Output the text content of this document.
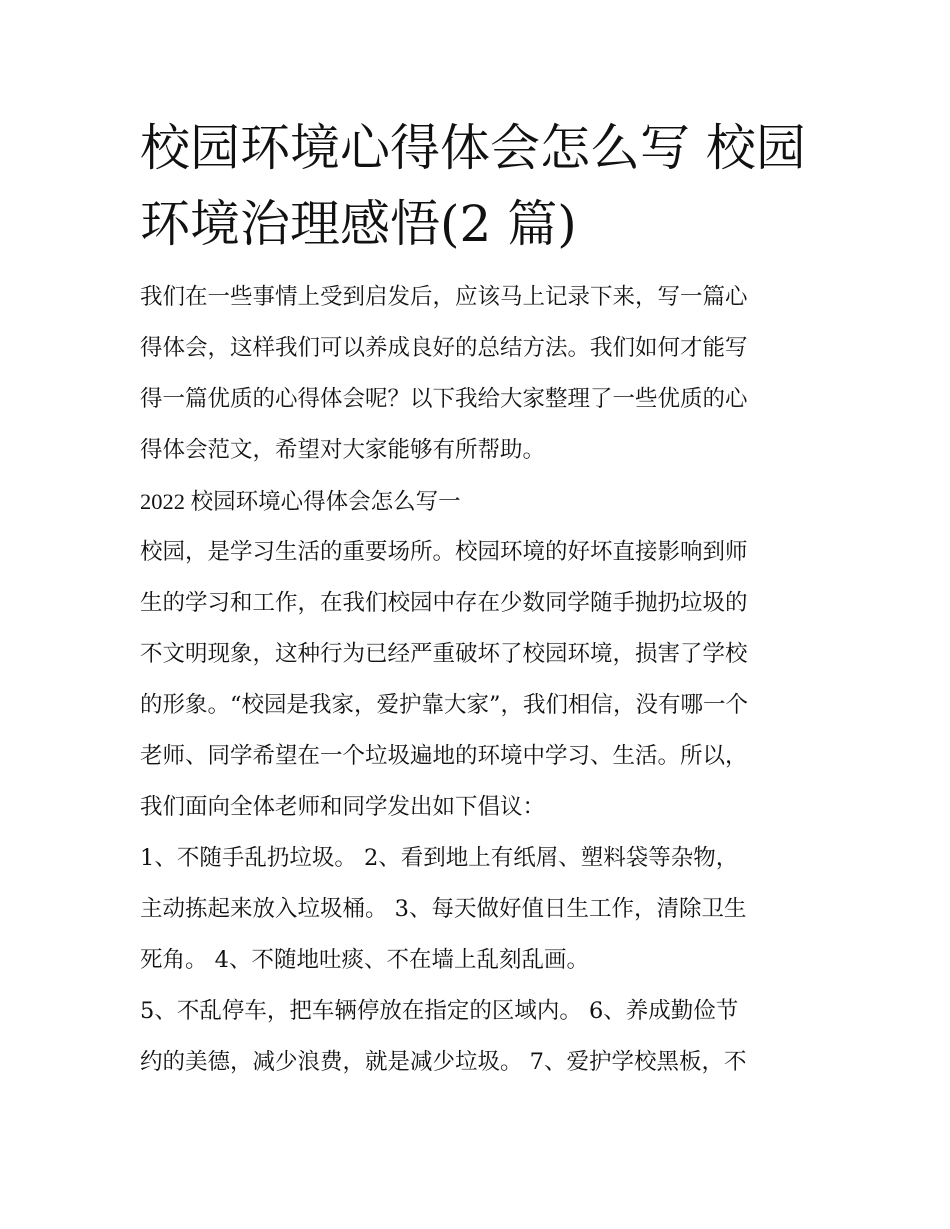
校园环境心得体会怎么写 校园
环境治理感悟(2 篇)

我们在一些事情上受到启发后，应该马上记录下来，写一篇心
得体会，这样我们可以养成良好的总结方法。我们如何才能写
得一篇优质的心得体会呢？以下我给大家整理了一些优质的心
得体会范文，希望对大家能够有所帮助。

2022 校园环境心得体会怎么写一

校园，是学习生活的重要场所。校园环境的好坏直接影响到师
生的学习和工作，在我们校园中存在少数同学随手抛扔垃圾的
不文明现象，这种行为已经严重破坏了校园环境，损害了学校
的形象。“校园是我家，爱护靠大家”，我们相信，没有哪一个
老师、同学希望在一个垃圾遍地的环境中学习、生活。所以，
我们面向全体老师和同学发出如下倡议：

1、不随手乱扔垃圾。 2、看到地上有纸屑、塑料袋等杂物，
主动拣起来放入垃圾桶。 3、每天做好值日生工作，清除卫生
死角。 4、不随地吐痰、不在墙上乱刻乱画。

5、不乱停车，把车辆停放在指定的区域内。 6、养成勤俭节
约的美德，减少浪费，就是减少垃圾。 7、爱护学校黑板，不
